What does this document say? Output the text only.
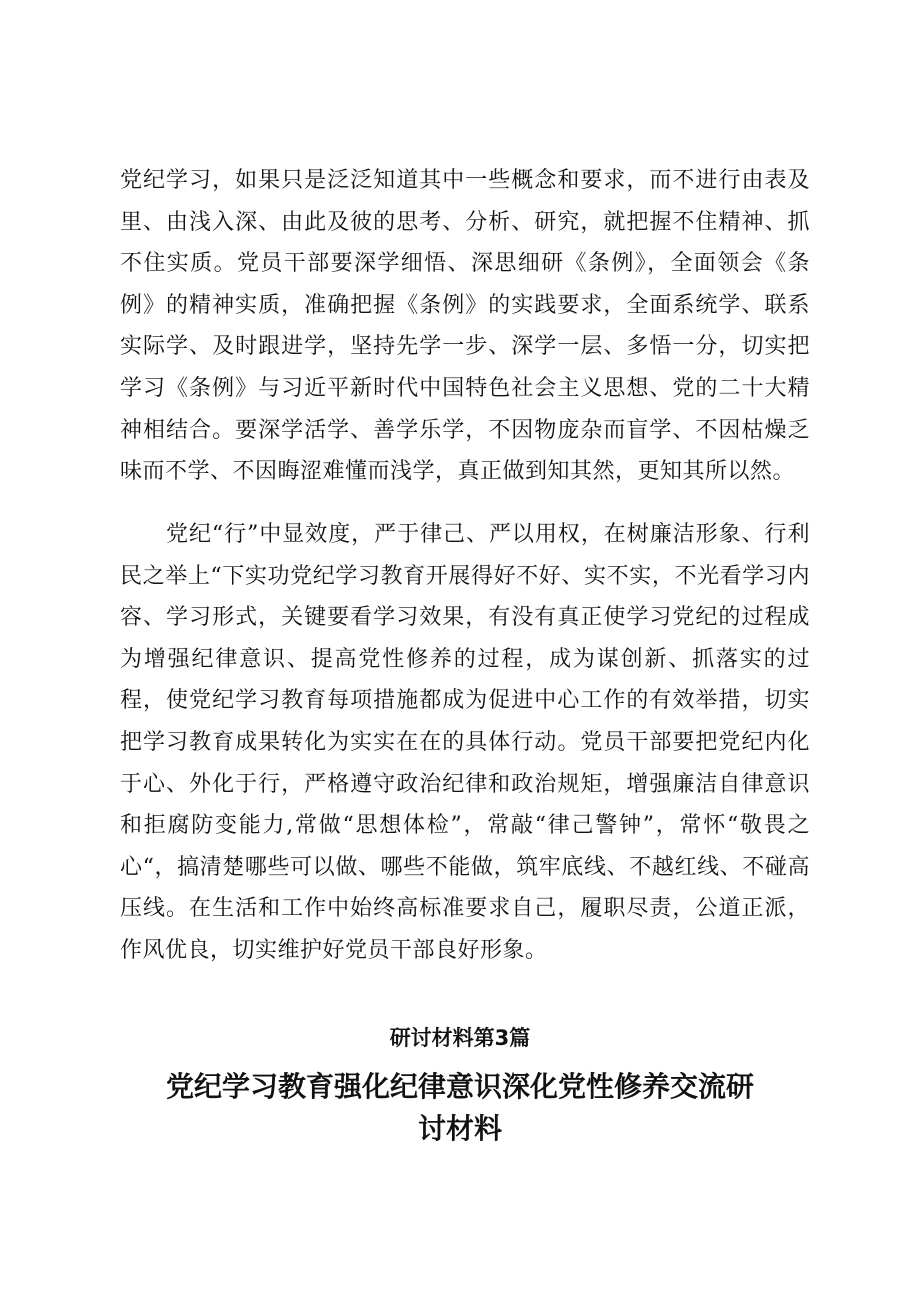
党纪学习，如果只是泛泛知道其中一些概念和要求，而不进行由表及里、由浅入深、由此及彼的思考、分析、研究，就把握不住精神、抓不住实质。党员干部要深学细悟、深思细研《条例》，全面领会《条例》的精神实质，准确把握《条例》的实践要求，全面系统学、联系实际学、及时跟进学，坚持先学一步、深学一层、多悟一分，切实把学习《条例》与习近平新时代中国特色社会主义思想、党的二十大精神相结合。要深学活学、善学乐学，不因物庞杂而盲学、不因枯燥乏味而不学、不因晦涩难懂而浅学，真正做到知其然，更知其所以然。

党纪“行”中显效度，严于律己、严以用权，在树廉洁形象、行利民之举上“下实功党纪学习教育开展得好不好、实不实，不光看学习内容、学习形式，关键要看学习效果，有没有真正使学习党纪的过程成为增强纪律意识、提高党性修养的过程，成为谋创新、抓落实的过程，使党纪学习教育每项措施都成为促进中心工作的有效举措，切实把学习教育成果转化为实实在在的具体行动。党员干部要把党纪内化于心、外化于行，严格遵守政治纪律和政治规矩，增强廉洁自律意识和拒腐防变能力,常做“思想体检”，常敲“律己警钟”，常怀“敬畏之心“，搞清楚哪些可以做、哪些不能做，筑牢底线、不越红线、不碰高压线。在生活和工作中始终高标准要求自己，履职尽责，公道正派，作风优良，切实维护好党员干部良好形象。

研讨材料第3篇

党纪学习教育强化纪律意识深化党性修养交流研讨材料
